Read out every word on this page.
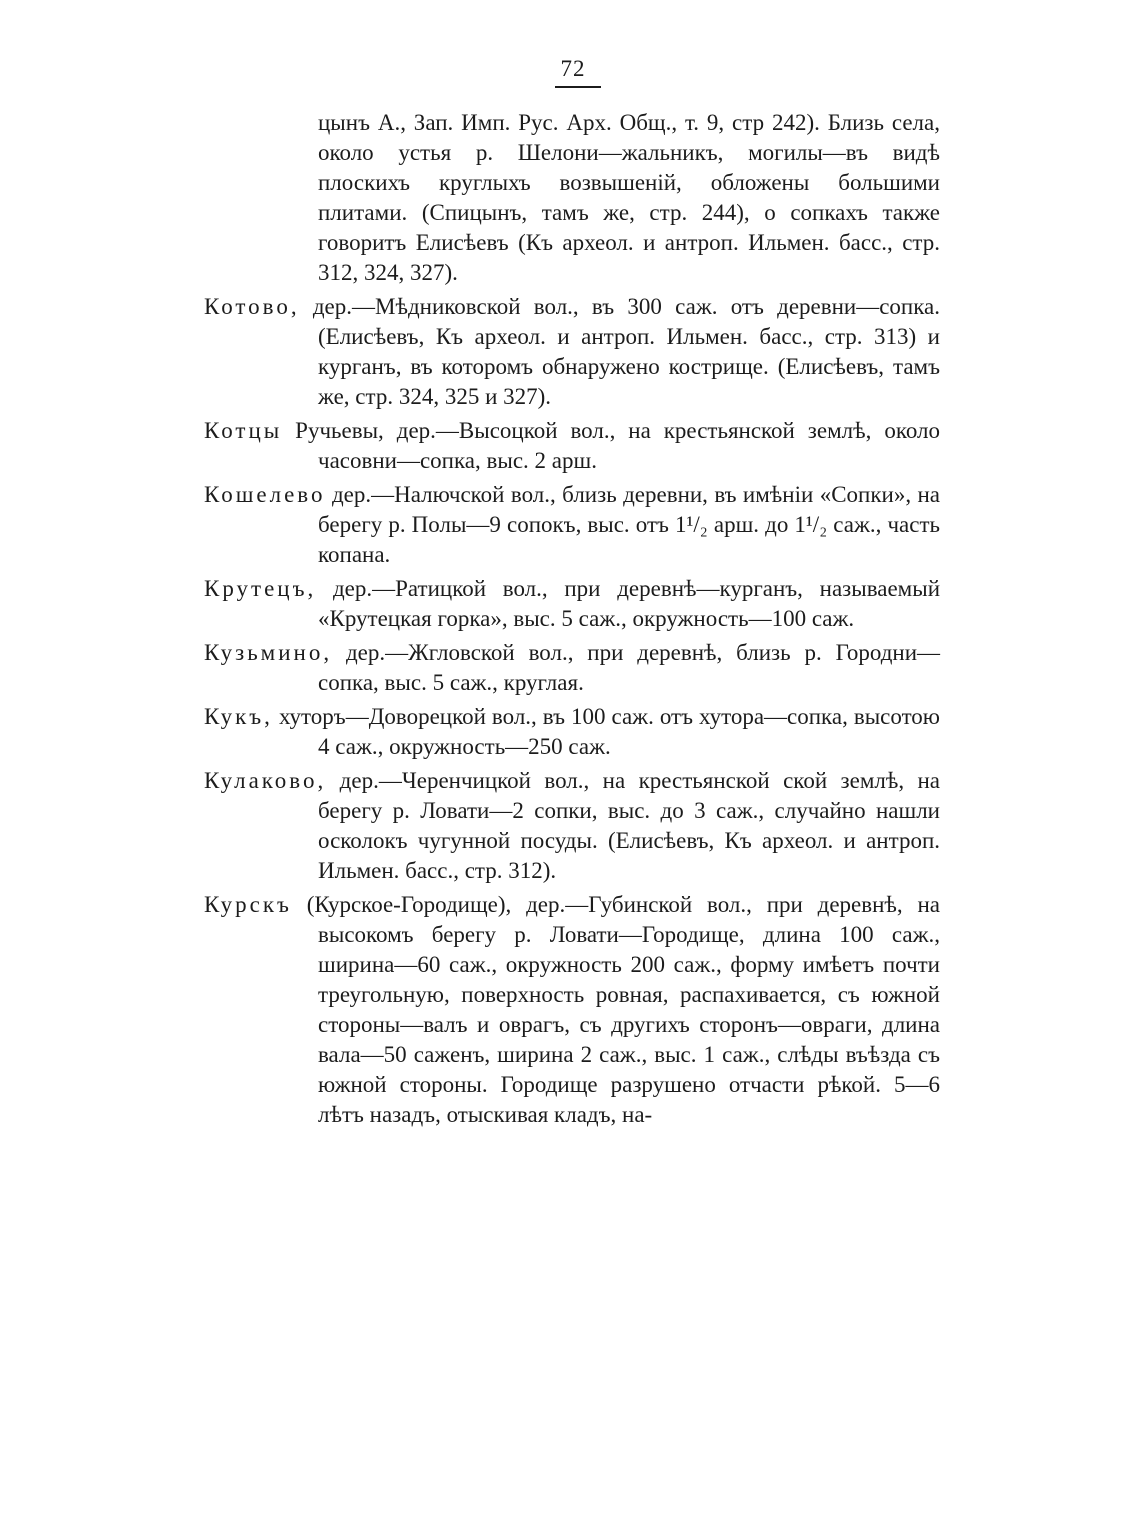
72

цынъ А., Зап. Имп. Рус. Арх. Общ., т. 9, стр 242). Близь села, около устья р. Шелони—жальникъ, могилы—въ видѣ плоскихъ круглыхъ возвышеній, обложены большими плитами. (Спицынъ, тамъ же, стр. 244), о сопкахъ также говоритъ Елисѣевъ (Къ археол. и антроп. Ильмен. басс., стр. 312, 324, 327).

Котово, дер.—Мѣдниковской вол., въ 300 саж. отъ деревни—сопка. (Елисѣевъ, Къ археол. и антроп. Ильмен. басс., стр. 313) и курганъ, въ которомъ обнаружено кострище. (Елисѣевъ, тамъ же, стр. 324, 325 и 327).

Котцы Ручьевы, дер.—Высоцкой вол., на крестьянской землѣ, около часовни—сопка, выс. 2 арш.

Кошелево дер.—Налючской вол., близь деревни, въ имѣніи «Сопки», на берегу р. Полы—9 сопокъ, выс. отъ 1¹/₂ арш. до 1¹/₂ саж., часть копана.

Крутецъ, дер.—Ратицкой вол., при деревнѣ—курганъ, называемый «Крутецкая горка», выс. 5 саж., окружность—100 саж.

Кузьмино, дер.—Жгловской вол., при деревнѣ, близь р. Городни—сопка, выс. 5 саж., круглая.

Кукъ, хуторъ—Доворецкой вол., въ 100 саж. отъ хутора—сопка, высотою 4 саж., окружность—250 саж.

Кулаково, дер.—Черенчицкой вол., на крестьянской ской землѣ, на берегу р. Ловати—2 сопки, выс. до 3 саж., случайно нашли осколокъ чугунной посуды. (Елисѣевъ, Къ археол. и антроп. Ильмен. басс., стр. 312).

Курскъ (Курское-Городище), дер.—Губинской вол., при деревнѣ, на высокомъ берегу р. Ловати—Городище, длина 100 саж., ширина—60 саж., окружность 200 саж., форму имѣетъ почти треугольную, поверхность ровная, распахивается, съ южной стороны—валъ и оврагъ, съ другихъ сторонъ—овраги, длина вала—50 саженъ, ширина 2 саж., выс. 1 саж., слѣды въѣзда съ южной стороны. Городище разрушено отчасти рѣкой. 5—6 лѣтъ назадъ, отыскивая кладъ, на-
